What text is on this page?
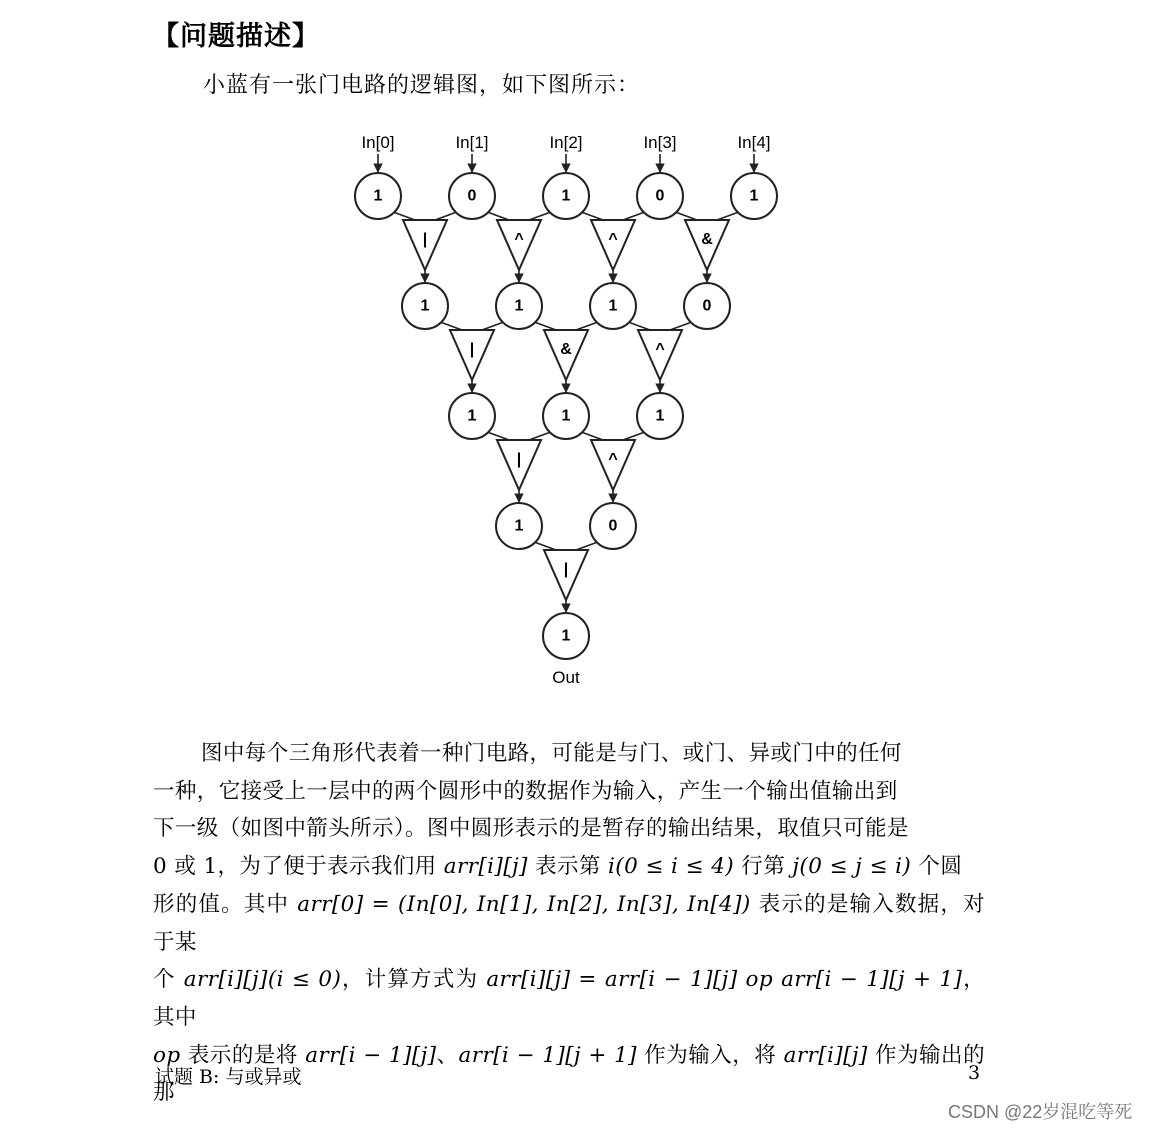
【问题描述】
小蓝有一张门电路的逻辑图，如下图所示：
|	^	^	&
|	&	^
|	^
|
1	0	1	0	1
1	1	1	0
1	1	1
1	0
1
In[0]	In[1]	In[2]	In[3]	In[4]
Out

图中每个三角形代表着一种门电路，可能是与门、或门、异或门中的任何

一种，它接受上一层中的两个圆形中的数据作为输入，产生一个输出值输出到

下一级（如图中箭头所示）。图中圆形表示的是暂存的输出结果，取值只可能是

0 或 1，为了便于表示我们用 arr[i][j] 表示第 i(0 ≤ i ≤ 4) 行第 j(0 ≤ j ≤ i) 个圆

形的值。其中 arr[0] = (In[0], In[1], In[2], In[3], In[4]) 表示的是输入数据，对于某

个 arr[i][j](i ≤ 0)，计算方式为 arr[i][j] = arr[i − 1][j] op arr[i − 1][j + 1]，其中

op 表示的是将 arr[i − 1][j]、arr[i − 1][j + 1] 作为输入，将 arr[i][j] 作为输出的那

试题 B: 与或异或	3
CSDN @22岁混吃等死
